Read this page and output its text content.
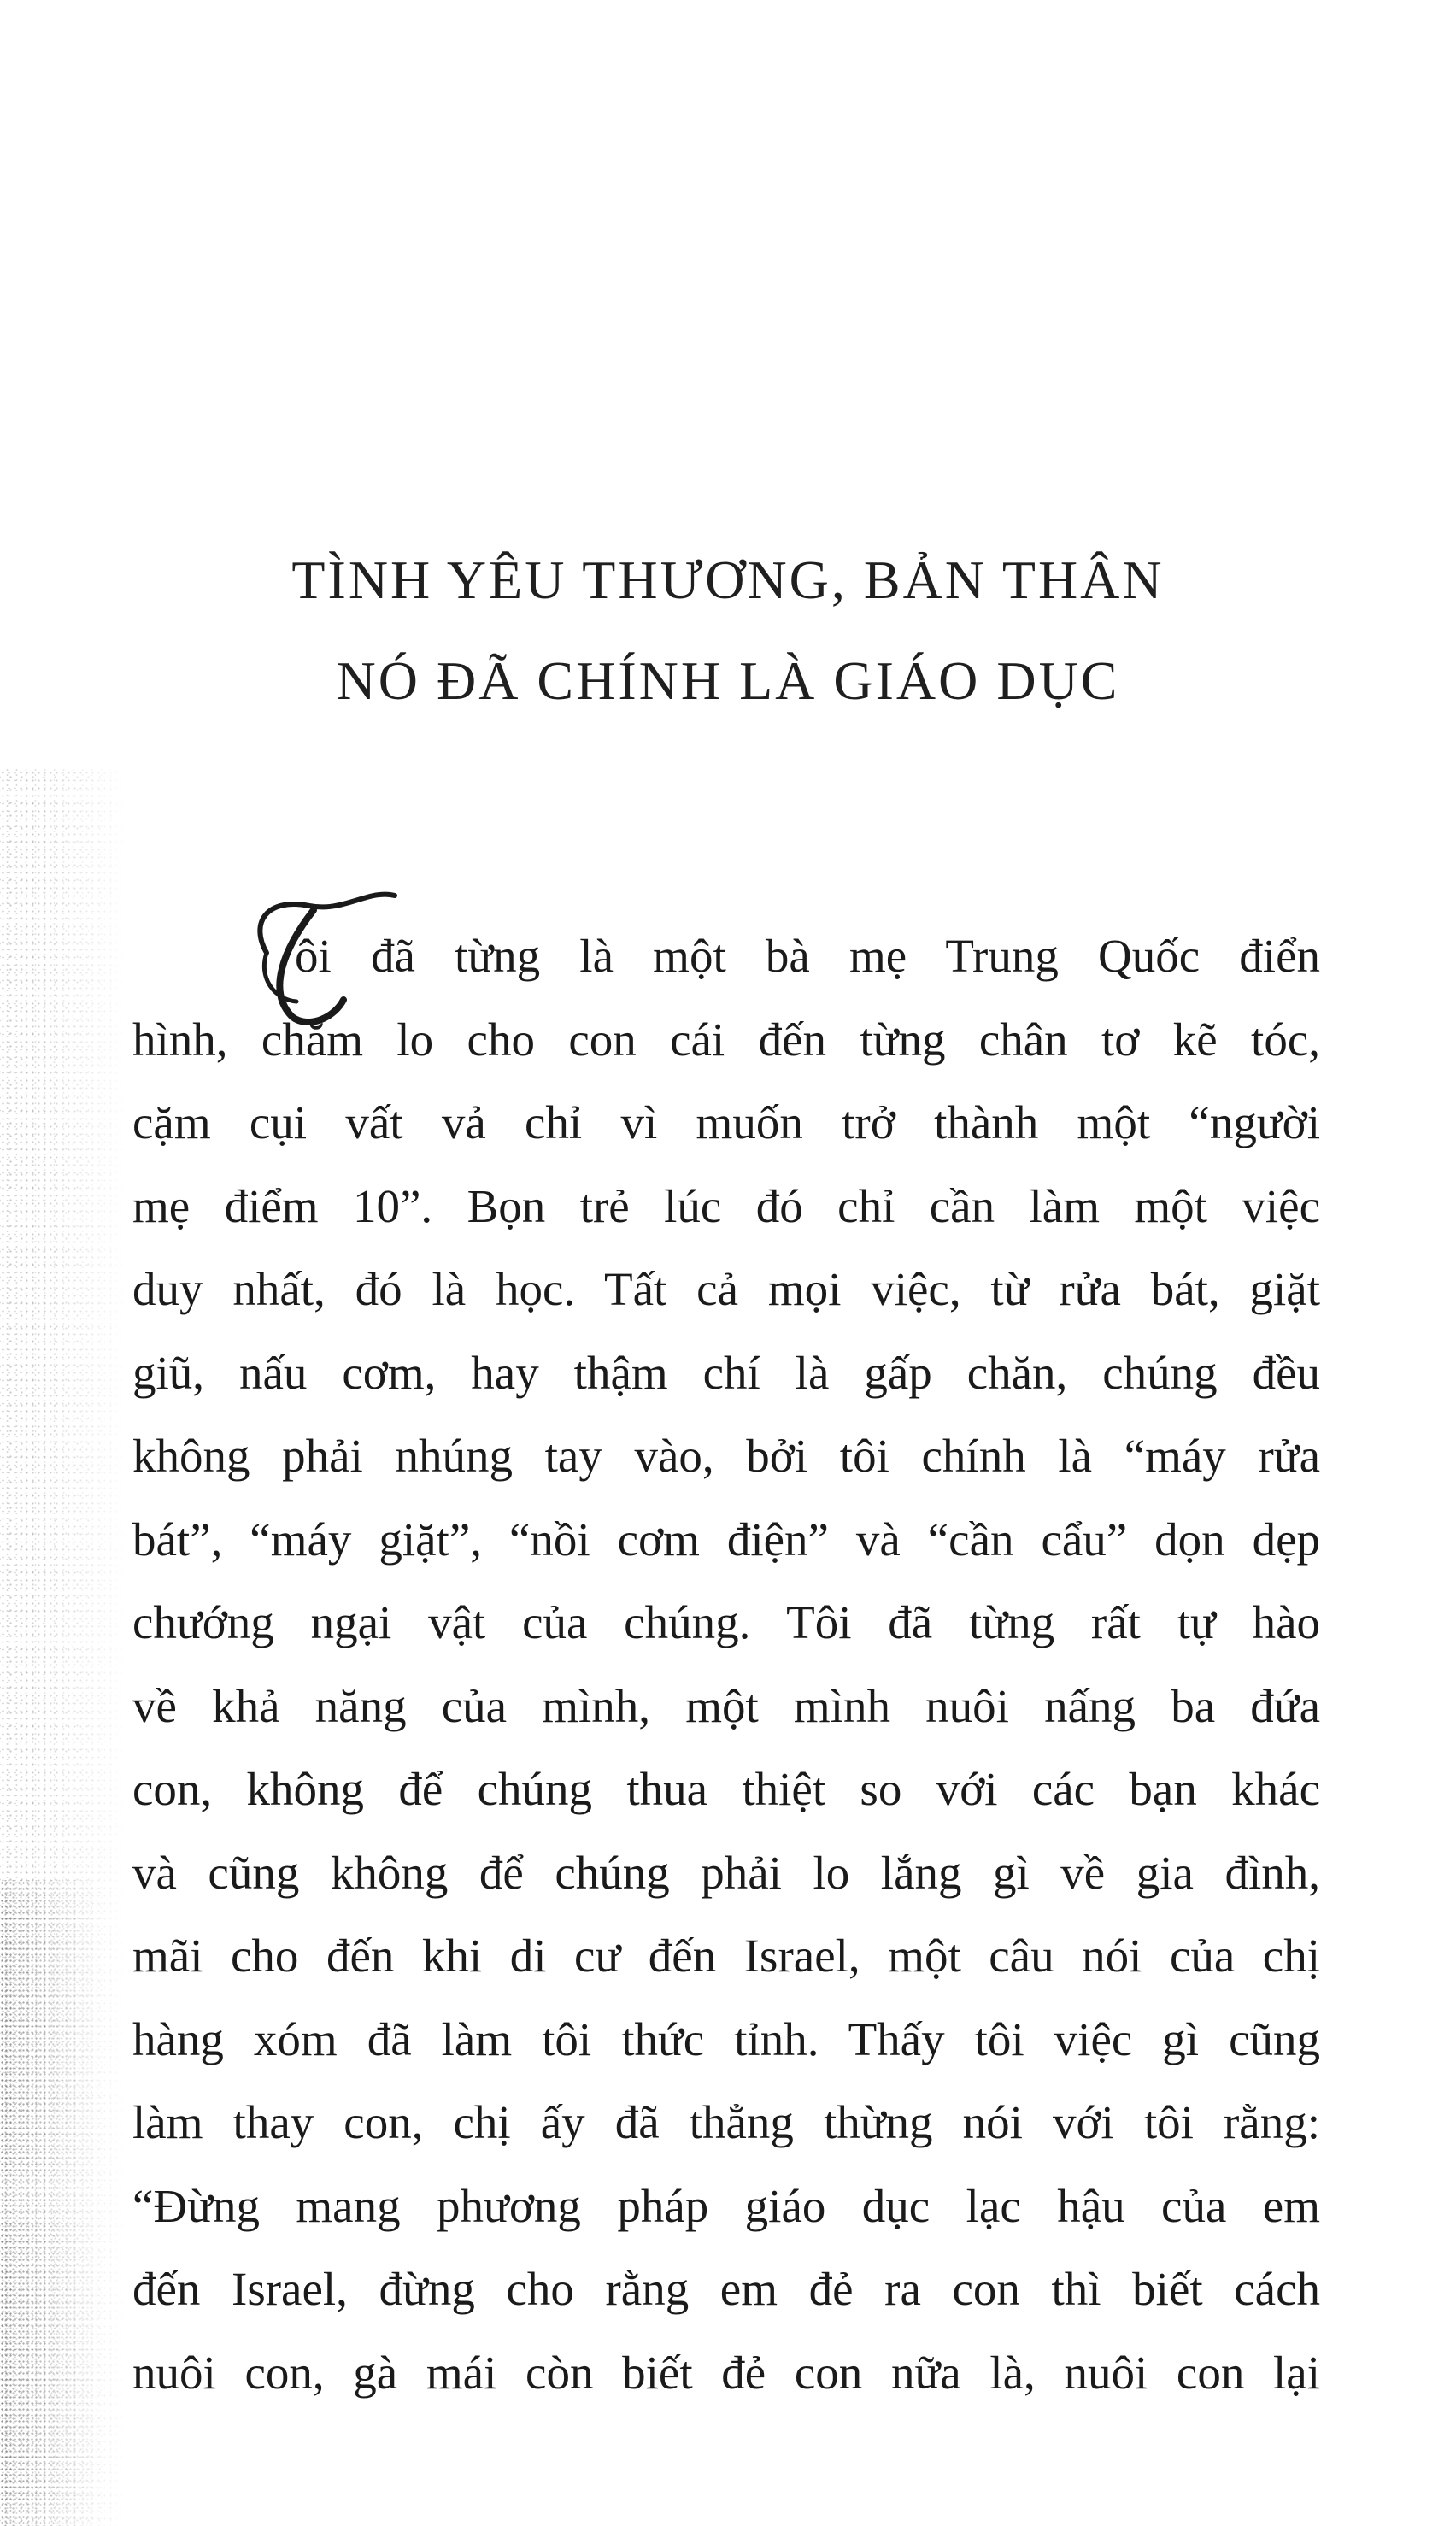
TÌNH YÊU THƯƠNG, BẢN THÂN
NÓ ĐÃ CHÍNH LÀ GIÁO DỤC
ôi đã từng là một bà mẹ Trung Quốc điển
hình, chăm lo cho con cái đến từng chân tơ kẽ tóc,
cặm cụi vất vả chỉ vì muốn trở thành một “người
mẹ điểm 10”. Bọn trẻ lúc đó chỉ cần làm một việc
duy nhất, đó là học. Tất cả mọi việc, từ rửa bát, giặt
giũ, nấu cơm, hay thậm chí là gấp chăn, chúng đều
không phải nhúng tay vào, bởi tôi chính là “máy rửa
bát”, “máy giặt”, “nồi cơm điện” và “cần cẩu” dọn dẹp
chướng ngại vật của chúng. Tôi đã từng rất tự hào
về khả năng của mình, một mình nuôi nấng ba đứa
con, không để chúng thua thiệt so với các bạn khác
và cũng không để chúng phải lo lắng gì về gia đình,
mãi cho đến khi di cư đến Israel, một câu nói của chị
hàng xóm đã làm tôi thức tỉnh. Thấy tôi việc gì cũng
làm thay con, chị ấy đã thẳng thừng nói với tôi rằng:
“Đừng mang phương pháp giáo dục lạc hậu của em
đến Israel, đừng cho rằng em đẻ ra con thì biết cách
nuôi con, gà mái còn biết đẻ con nữa là, nuôi con lại
